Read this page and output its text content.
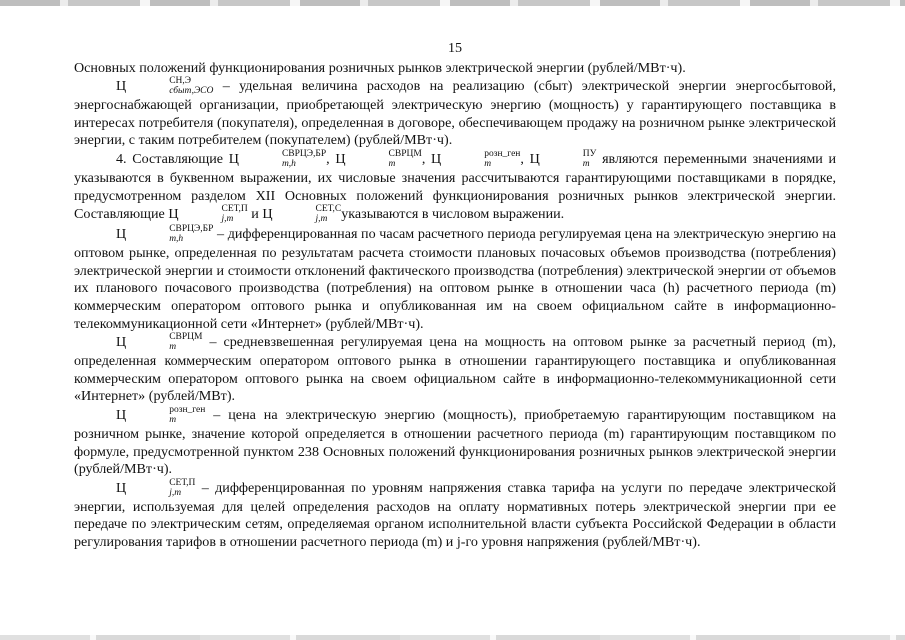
15

Основных положений функционирования розничных рынков электрической энергии (рублей/МВт·ч).

Ц	СН,Э
сбыт,ЭСО – удельная величина расходов на реализацию (сбыт) электрической энергии энергосбытовой, энергоснабжающей организации, приобретающей электрическую энергию (мощность) у гарантирующего поставщика в интересах потребителя (покупателя), определенная в договоре, обеспечивающем продажу на розничном рынке электрической энергии, с таким потребителем (покупателем) (рублей/МВт·ч).

4. Составляющие Ц	СВРЦЭ,БР
m,h	, Ц	СВРЦМ
m	, Ц	розн_ген
m	, Ц	ПУ
m являются переменными значениями и указываются в буквенном выражении, их числовые значения рассчитываются гарантирующими поставщиками в порядке, предусмотренном разделом XII Основных положений функционирования розничных рынков электрической энергии. Составляющие Ц	СЕТ,П
j,m	и Ц	СЕТ,С
j,m указываются в числовом выражении.

Ц	СВРЦЭ,БР
m,h	– дифференцированная по часам расчетного периода регулируемая цена на электрическую энергию на оптовом рынке, определенная по результатам расчета стоимости плановых почасовых объемов производства (потребления) электрической энергии и стоимости отклонений фактического производства (потребления) электрической энергии от объемов их планового почасового производства (потребления) на оптовом рынке в отношении часа (h) расчетного периода (m) коммерческим оператором оптового рынка и опубликованная им на своем официальном сайте в информационно-телекоммуникационной сети «Интернет» (рублей/МВт·ч).

Ц	СВРЦМ
m	– средневзвешенная регулируемая цена на мощность на оптовом рынке за расчетный период (m), определенная коммерческим оператором оптового рынка в отношении гарантирующего поставщика и опубликованная коммерческим оператором оптового рынка на своем официальном сайте в информационно-телекоммуникационной сети «Интернет» (рублей/МВт).

Ц	розн_ген
m	– цена на электрическую энергию (мощность), приобретаемую гарантирующим поставщиком на розничном рынке, значение которой определяется в отношении расчетного периода (m) гарантирующим поставщиком по формуле, предусмотренной пунктом 238 Основных положений функционирования розничных рынков электрической энергии (рублей/МВт·ч).

Ц	СЕТ,П
j,m	– дифференцированная по уровням напряжения ставка тарифа на услуги по передаче электрической энергии, используемая для целей определения расходов на оплату нормативных потерь электрической энергии при ее передаче по электрическим сетям, определяемая органом исполнительной власти субъекта Российской Федерации в области регулирования тарифов в отношении расчетного периода (m) и j-го уровня напряжения (рублей/МВт·ч).
